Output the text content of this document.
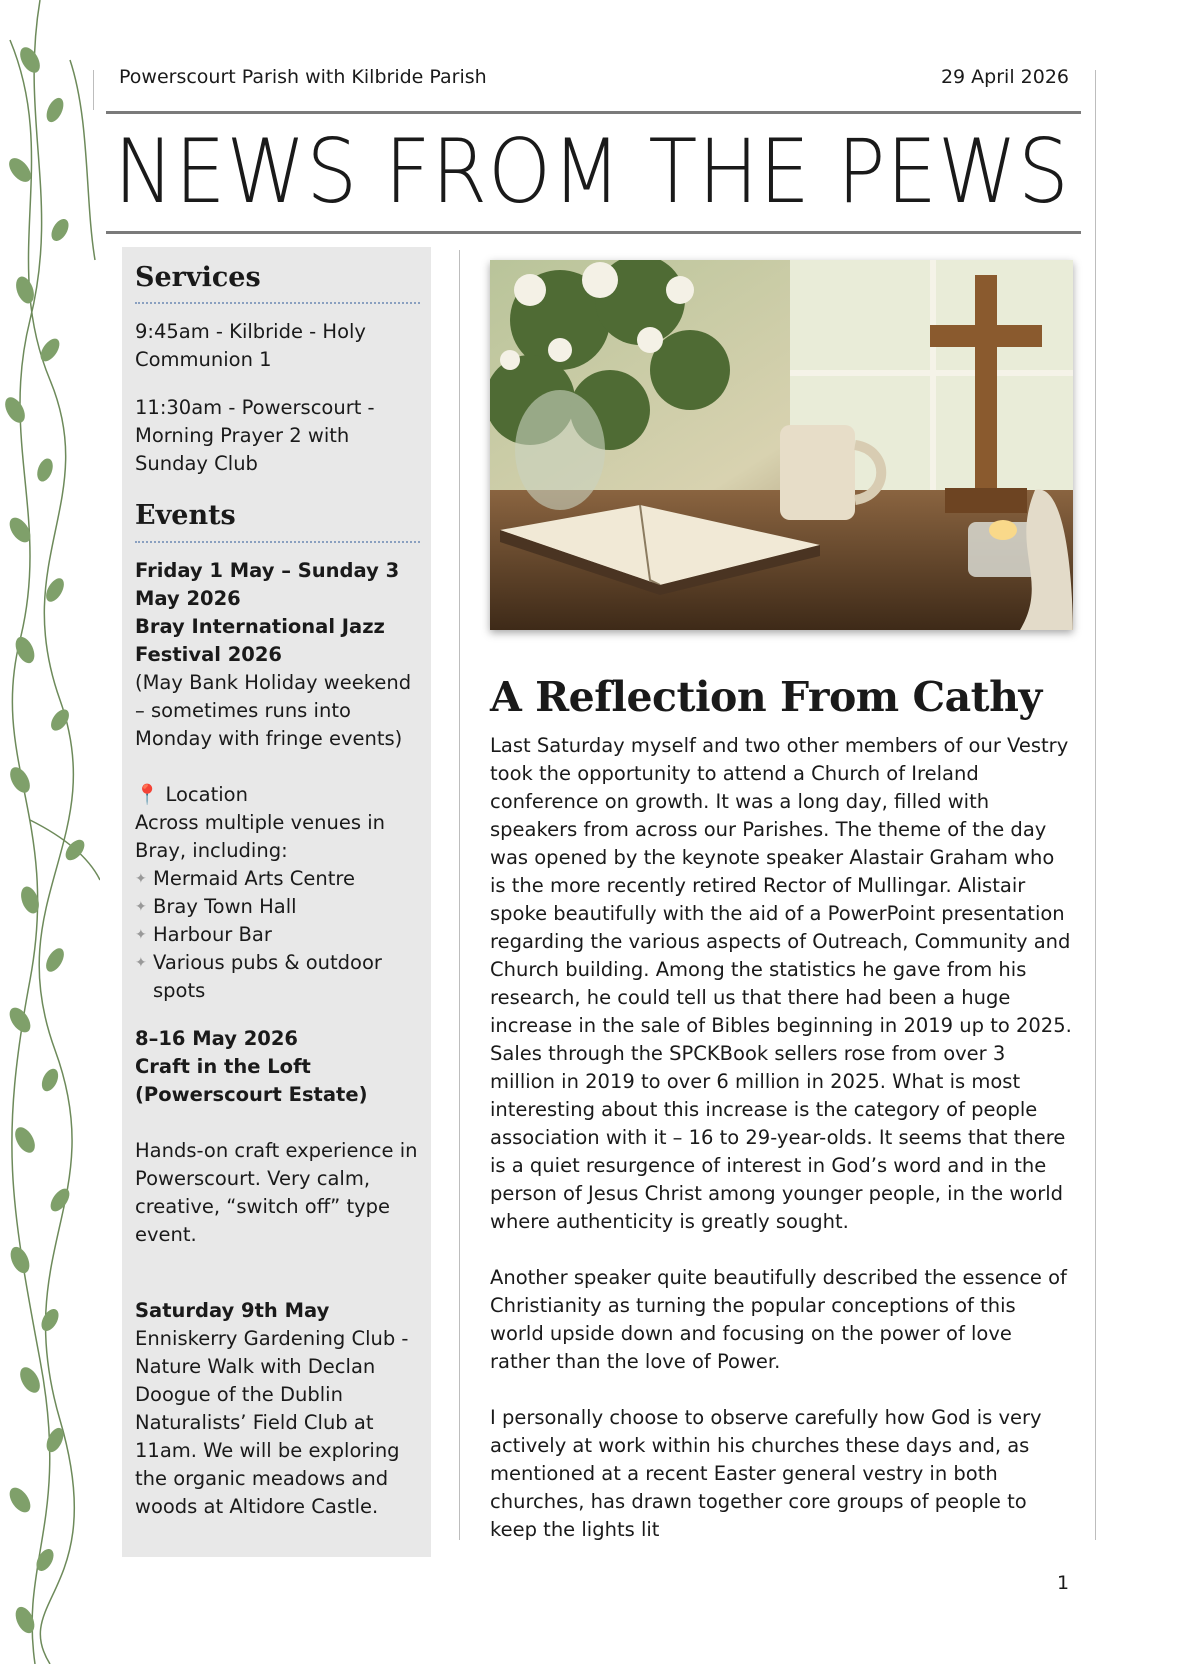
Powerscourt Parish with Kilbride Parish	29 April 2026
NEWS FROM THE PEWS
Services

9:45am - Kilbride - Holy Communion 1

11:30am - Powerscourt - Morning Prayer 2 with Sunday Club

Events

Friday 1 May – Sunday 3 May 2026

Bray International Jazz Festival 2026

(May Bank Holiday weekend – sometimes runs into Monday with fringe events)

📍 Location

Across multiple venues in Bray, including:

✦ Mermaid Arts Centre
✦ Bray Town Hall
✦ Harbour Bar
✦ Various pubs & outdoor spots

8–16 May 2026

Craft in the Loft (Powerscourt Estate)

Hands-on craft experience in Powerscourt. Very calm, creative, “switch off” type event.

Saturday 9th May

Enniskerry Gardening Club - Nature Walk with Declan Doogue of the Dublin Naturalists’ Field Club at 11am. We will be exploring the organic meadows and woods at Altidore Castle.

A Reflection From Cathy

Last Saturday myself and two other members of our Vestry took the opportunity to attend a Church of Ireland conference on growth. It was a long day, filled with speakers from across our Parishes. The theme of the day was opened by the keynote speaker Alastair Graham who is the more recently retired Rector of Mullingar. Alistair spoke beautifully with the aid of a PowerPoint presentation regarding the various aspects of Outreach, Community and Church building. Among the statistics he gave from his research, he could tell us that there had been a huge increase in the sale of Bibles beginning in 2019 up to 2025. Sales through the SPCKBook sellers rose from over 3 million in 2019 to over 6 million in 2025. What is most interesting about this increase is the category of people association with it – 16 to 29-year-olds. It seems that there is a quiet resurgence of interest in God’s word and in the person of Jesus Christ among younger people, in the world where authenticity is greatly sought.

Another speaker quite beautifully described the essence of Christianity as turning the popular conceptions of this world upside down and focusing on the power of love rather than the love of Power.

I personally choose to observe carefully how God is very actively at work within his churches these days and, as mentioned at a recent Easter general vestry in both churches, has drawn together core groups of people to keep the lights lit

1
